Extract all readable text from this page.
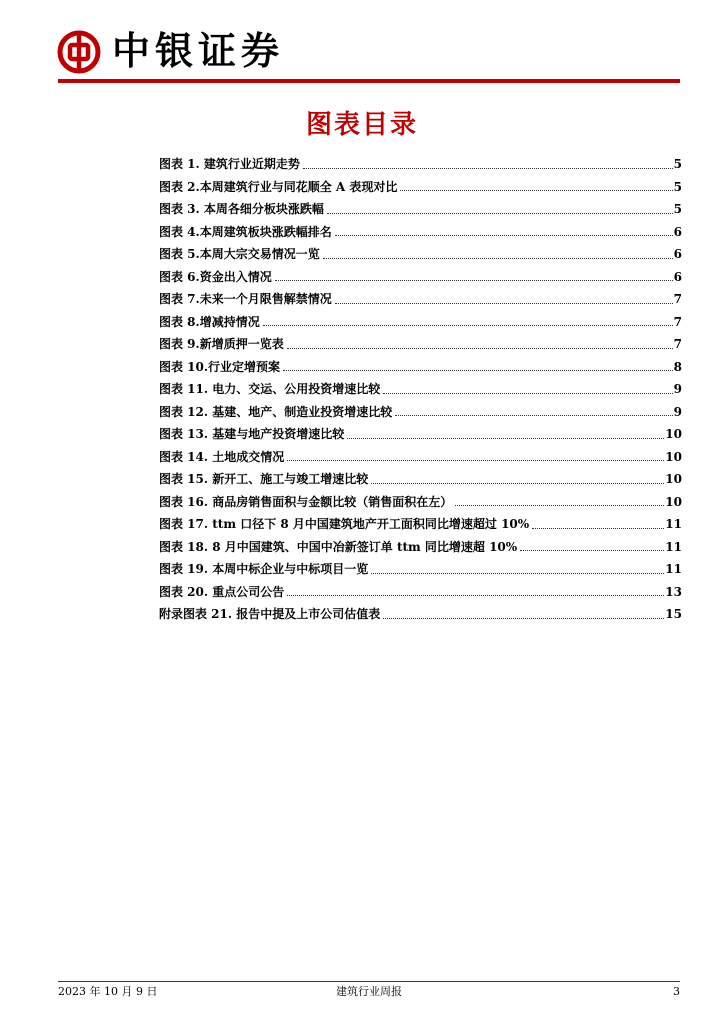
中银证券
图表目录
图表 1. 建筑行业近期走势	5
图表 2.本周建筑行业与同花顺全 A 表现对比	5
图表 3. 本周各细分板块涨跌幅	5
图表 4.本周建筑板块涨跌幅排名	6
图表 5.本周大宗交易情况一览	6
图表 6.资金出入情况	6
图表 7.未来一个月限售解禁情况	7
图表 8.增减持情况	7
图表 9.新增质押一览表	7
图表 10.行业定增预案	8
图表 11. 电力、交运、公用投资增速比较	9
图表 12. 基建、地产、制造业投资增速比较	9
图表 13. 基建与地产投资增速比较	10
图表 14. 土地成交情况	10
图表 15. 新开工、施工与竣工增速比较	10
图表 16. 商品房销售面积与金额比较（销售面积在左）	10
图表 17. ttm 口径下 8 月中国建筑地产开工面积同比增速超过 10%	11
图表 18. 8 月中国建筑、中国中冶新签订单 ttm 同比增速超 10%	11
图表 19. 本周中标企业与中标项目一览	11
图表 20. 重点公司公告	13
附录图表 21. 报告中提及上市公司估值表	15
2023 年 10 月 9 日	建筑行业周报	3
